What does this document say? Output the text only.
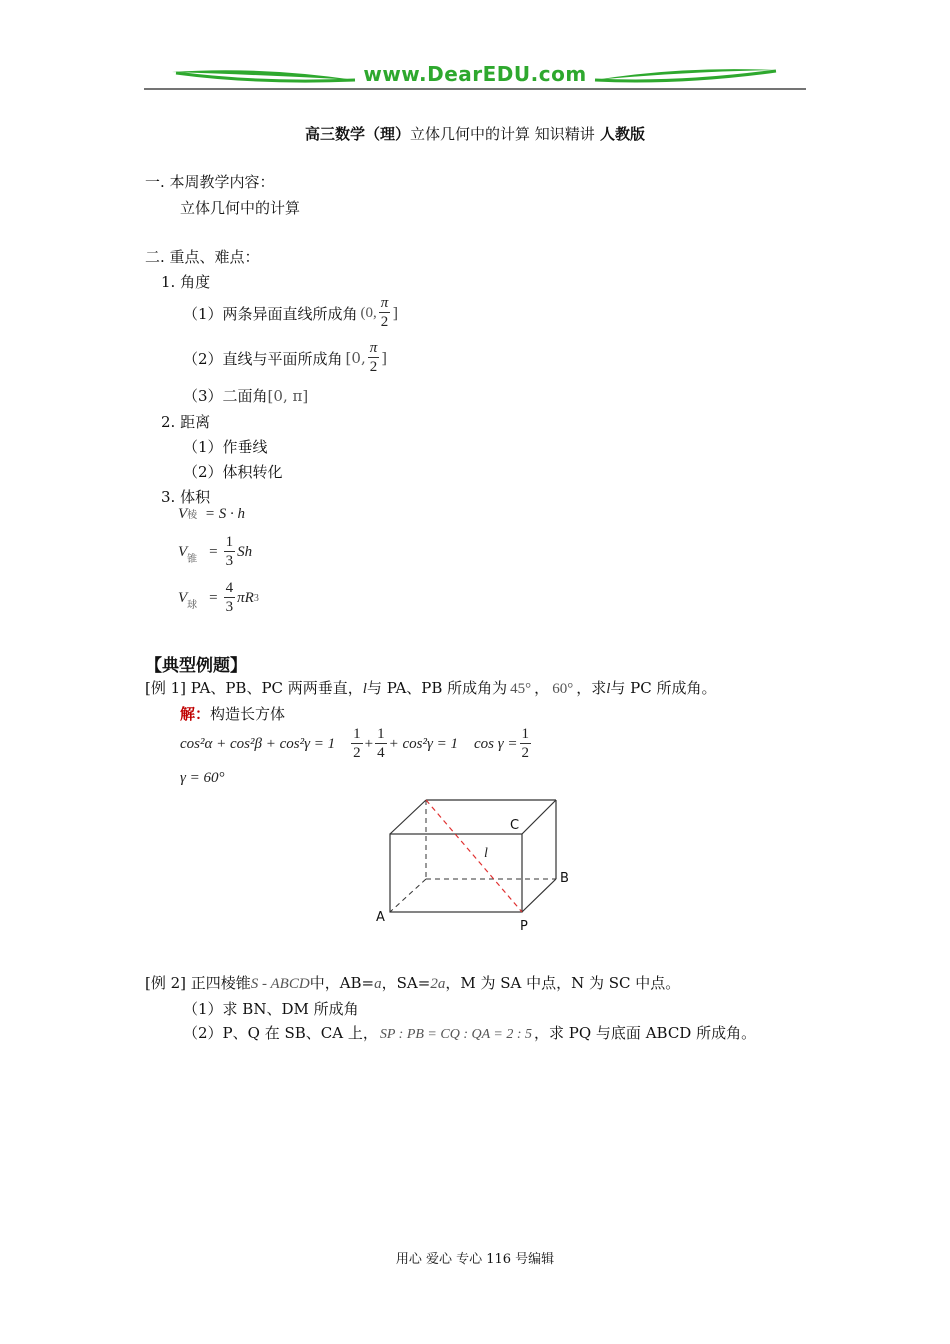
www.DearEDU.com
高三数学（理）立体几何中的计算 知识精讲 人教版
一. 本周教学内容：
立体几何中的计算
二. 重点、难点：
1. 角度
（1）两条异面直线所成角 (0, $\frac{\pi}{2}$ ]
（2）直线与平面所成角 [0, $\frac{\pi}{2}$ ]
（3）二面角[0, π]
2. 距离
（1）作垂线
（2）体积转化
3. 体积
V棱 = S · h
V 锥 = $\frac{1}{3}$ Sh
V 球 = $\frac{4}{3}$ πR 3
【典型例题】
[例 1] PA、PB、PC 两两垂直，l与 PA、PB 所成角为 45° ， 60° ，求l与 PC 所成角。
解：构造长方体
$\cos^2\alpha + \cos^2\beta + \cos^2\gamma = 1 \frac{1}{2} + \frac{1}{4} + \cos^2\gamma = 1$ $\cos \gamma = \frac{1}{2}$
γ = 60°
C
l
B
A
P
[例 2] 正四棱锥S - ABCD中，AB=a，SA=2a，M 为 SA 中点，N 为 SC 中点。
（1）求 BN、DM 所成角
（2）P、Q 在 SB、CA 上， SP : PB = CQ : QA = 2 : 5 ，求 PQ 与底面 ABCD 所成角。
用心 爱心 专心 116 号编辑
